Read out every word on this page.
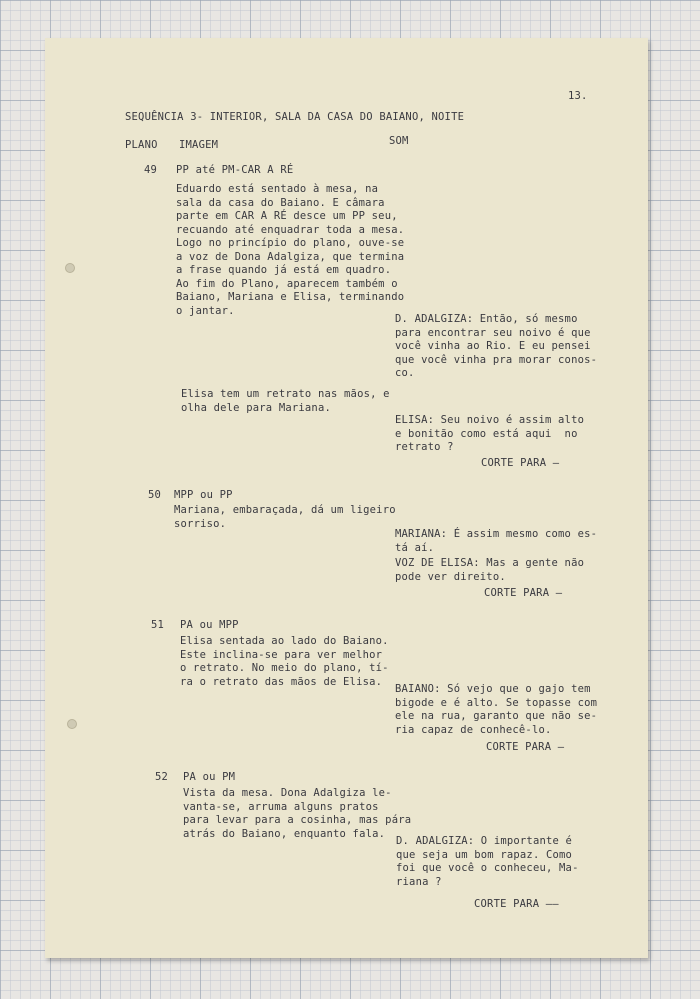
13.
SEQUÊNCIA 3- INTERIOR, SALA DA CASA DO BAIANO, NOITE
PLANO IMAGEM	SOM
49 PP até PM-CAR A RÉ
Eduardo está sentado à mesa, na
sala da casa do Baiano. E câmara
parte em CAR A RÉ desce um PP seu,
recuando até enquadrar toda a mesa.
Logo no princípio do plano, ouve-se
a voz de Dona Adalgiza, que termina
a frase quando já está em quadro.
Ao fim do Plano, aparecem também o
Baiano, Mariana e Elisa, terminando
o jantar.
D. ADALGIZA: Então, só mesmo
para encontrar seu noivo é que
você vinha ao Rio. E eu pensei
que você vinha pra morar conos-
co.
Elisa tem um retrato nas mãos, e
olha dele para Mariana.
ELISA: Seu noivo é assim alto
e bonitão como está aqui  no
retrato ?
CORTE PARA —
50 MPP ou PP
Mariana, embaraçada, dá um ligeiro
sorriso.
MARIANA: É assim mesmo como es-
tá aí.
VOZ DE ELISA: Mas a gente não
pode ver direito.
CORTE PARA —
51 PA ou MPP
Elisa sentada ao lado do Baiano.
Este inclina-se para ver melhor
o retrato. No meio do plano, tí-
ra o retrato das mãos de Elisa.
BAIANO: Só vejo que o gajo tem
bigode e é alto. Se topasse com
ele na rua, garanto que não se-
ria capaz de conhecê-lo.
CORTE PARA —
52 PA ou PM
Vista da mesa. Dona Adalgiza le-
vanta-se, arruma alguns pratos
para levar para a cosinha, mas pára
atrás do Baiano, enquanto fala.
D. ADALGIZA: O importante é
que seja um bom rapaz. Como
foi que você o conheceu, Ma-
riana ?
CORTE PARA ——
